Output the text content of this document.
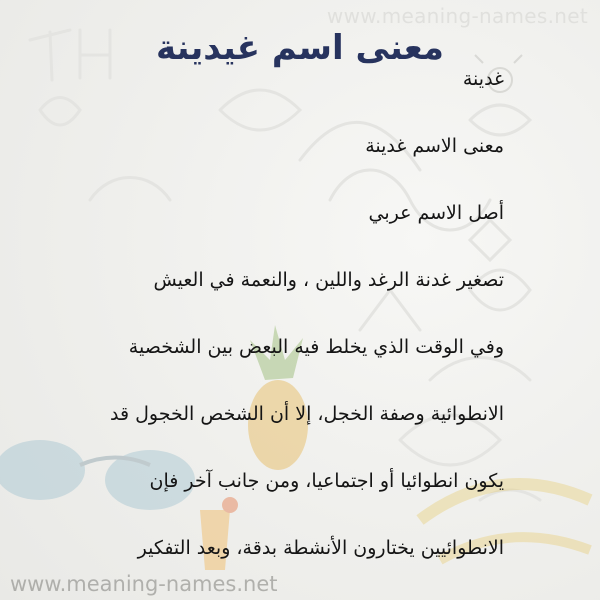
www.meaning-names.net
معنى اسم غيدينة
غدينة
معنى الاسم غدينة
أصل الاسم عربي
تصغير غدنة الرغد واللين ، والنعمة في العيش
وفي الوقت الذي يخلط فيه البعض بين الشخصية
الانطوائية وصفة الخجل، إلا أن الشخص الخجول قد
يكون انطوائيا أو اجتماعيا، ومن جانب آخر فإن
الانطوائيين يختارون الأنشطة بدقة، وبعد التفكير
www.meaning-names.net
